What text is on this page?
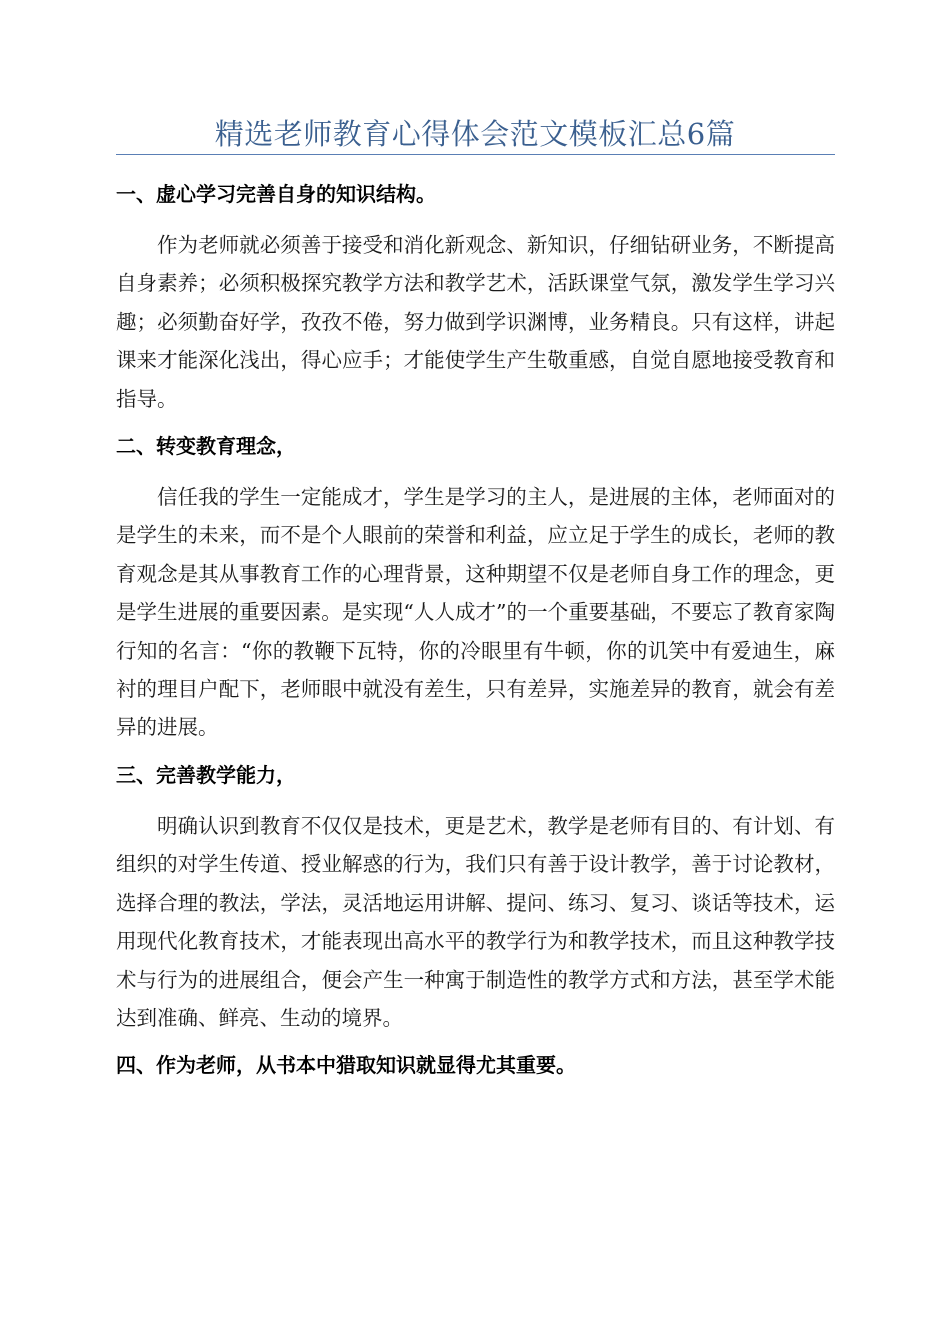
精选老师教育心得体会范文模板汇总6篇
一、虚心学习完善自身的知识结构。

作为老师就必须善于接受和消化新观念、新知识，仔细钻研业务，不断提高自身素养；必须积极探究教学方法和教学艺术，活跃课堂气氛，激发学生学习兴趣；必须勤奋好学，孜孜不倦，努力做到学识渊博，业务精良。只有这样，讲起课来才能深化浅出，得心应手；才能使学生产生敬重感，自觉自愿地接受教育和指导。

二、转变教育理念，

信任我的学生一定能成才，学生是学习的主人，是进展的主体，老师面对的是学生的未来，而不是个人眼前的荣誉和利益，应立足于学生的成长，老师的教育观念是其从事教育工作的心理背景，这种期望不仅是老师自身工作的理念，更是学生进展的重要因素。是实现“人人成才”的一个重要基础，不要忘了教育家陶行知的名言：“你的教鞭下瓦特，你的冷眼里有牛顿，你的讥笑中有爱迪生，麻衬的理目户配下，老师眼中就没有差生，只有差异，实施差异的教育，就会有差异的进展。

三、完善教学能力，

明确认识到教育不仅仅是技术，更是艺术，教学是老师有目的、有计划、有组织的对学生传道、授业解惑的行为，我们只有善于设计教学，善于讨论教材，选择合理的教法，学法，灵活地运用讲解、提问、练习、复习、谈话等技术，运用现代化教育技术，才能表现出高水平的教学行为和教学技术，而且这种教学技术与行为的进展组合，便会产生一种寓于制造性的教学方式和方法，甚至学术能达到准确、鲜亮、生动的境界。

四、作为老师，从书本中猎取知识就显得尤其重要。
